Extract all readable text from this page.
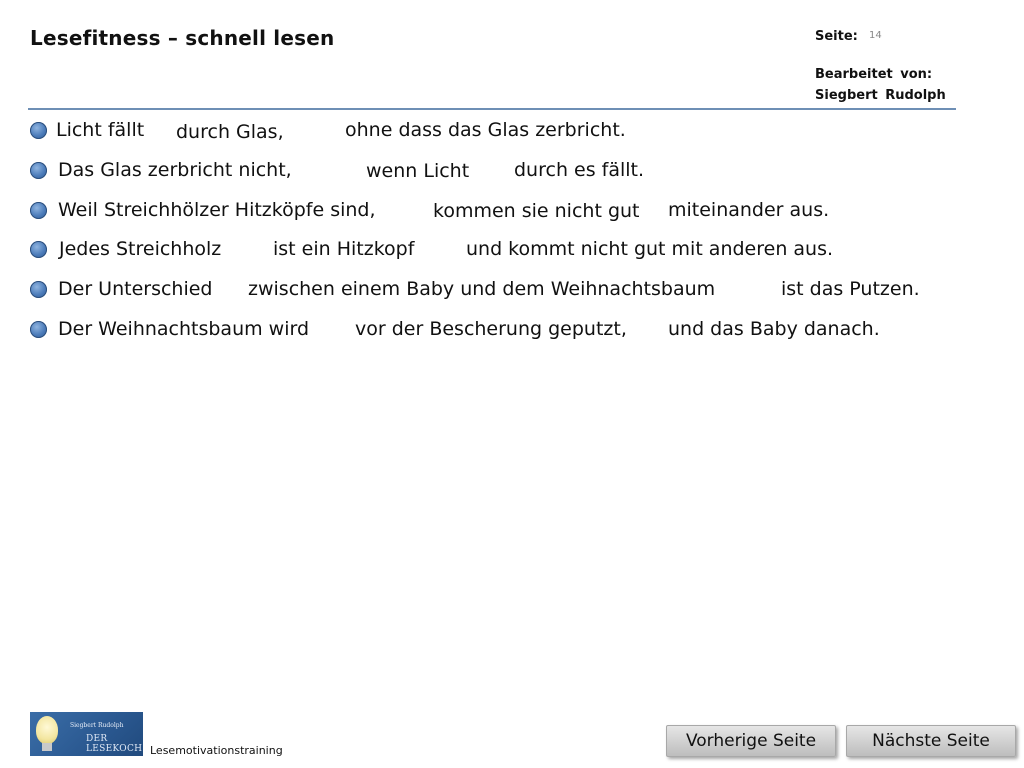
Lesefitness – schnell lesen	Seite: 14
Bearbeitet von:
Siegbert Rudolph
Licht fällt durch Glas,	ohne dass das Glas zerbricht.
Das Glas zerbricht nicht,	wenn Licht durch es fällt.
Weil Streichhölzer Hitzköpfe sind,	kommen sie nicht gut miteinander aus.
Jedes Streichholz	ist ein Hitzkopf	und kommt nicht gut mit anderen aus.
Der Unterschied zwischen einem Baby und dem Weihnachtsbaum	ist das Putzen.
Der Weihnachtsbaum wird vor der Bescherung geputzt, und das Baby danach.
Siegbert Rudolph
DER LESEKOCH Lesemotivationstraining	Vorherige Seite	Nächste Seite
